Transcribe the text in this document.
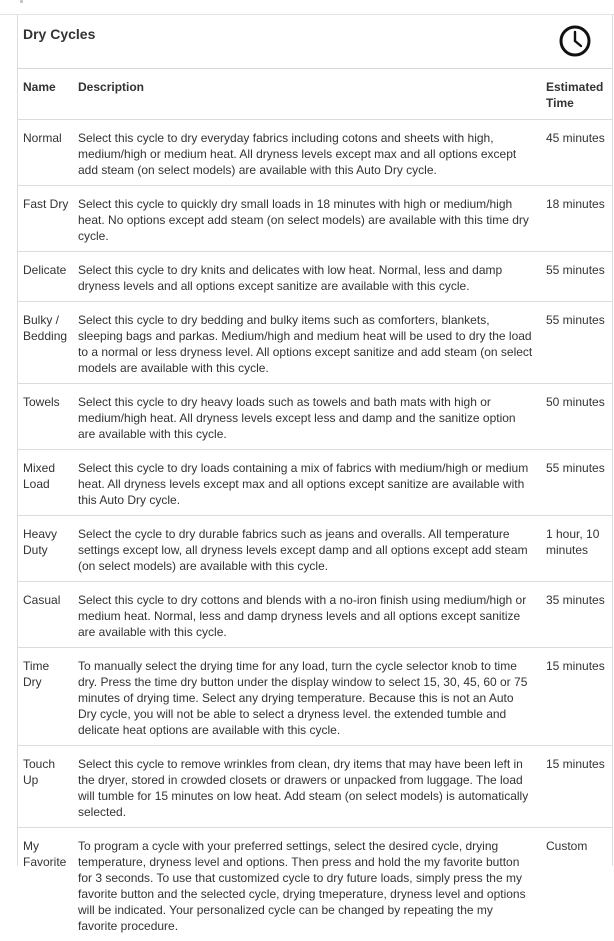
Dry Cycles
Name	Description	Estimated Time
Normal	Select this cycle to dry everyday fabrics including cotons and sheets with high, medium/high or medium heat. All dryness levels except max and all options except add steam (on select models) are available with this Auto Dry cycle.	45 minutes
Fast Dry	Select this cycle to quickly dry small loads in 18 minutes with high or medium/high heat. No options except add steam (on select models) are available with this time dry cycle.	18 minutes
Delicate	Select this cycle to dry knits and delicates with low heat. Normal, less and damp dryness levels and all options except sanitize are available with this cycle.	55 minutes
Bulky / Bedding	Select this cycle to dry bedding and bulky items such as comforters, blankets, sleeping bags and parkas. Medium/high and medium heat will be used to dry the load to a normal or less dryness level. All options except sanitize and add steam (on select models are available with this cycle.	55 minutes
Towels	Select this cycle to dry heavy loads such as towels and bath mats with high or medium/high heat. All dryness levels except less and damp and the sanitize option are available with this cycle.	50 minutes
Mixed Load	Select this cycle to dry loads containing a mix of fabrics with medium/high or medium heat. All dryness levels except max and all options except sanitize are available with this Auto Dry cycle.	55 minutes
Heavy Duty	Select the cycle to dry durable fabrics such as jeans and overalls. All temperature settings except low, all dryness levels except damp and all options except add steam (on select models) are available with this cycle.	1 hour, 10 minutes
Casual	Select this cycle to dry cottons and blends with a no-iron finish using medium/high or medium heat. Normal, less and damp dryness levels and all options except sanitize are available with this cycle.	35 minutes
Time Dry	To manually select the drying time for any load, turn the cycle selector knob to time dry. Press the time dry button under the display window to select 15, 30, 45, 60 or 75 minutes of drying time. Select any drying temperature. Because this is not an Auto Dry cycle, you will not be able to select a dryness level. the extended tumble and delicate heat options are available with this cycle.	15 minutes
Touch Up	Select this cycle to remove wrinkles from clean, dry items that may have been left in the dryer, stored in crowded closets or drawers or unpacked from luggage. The load will tumble for 15 minutes on low heat. Add steam (on select models) is automatically selected.	15 minutes
My Favorite	To program a cycle with your preferred settings, select the desired cycle, drying temperature, dryness level and options. Then press and hold the my favorite button for 3 seconds. To use that customized cycle to dry future loads, simply press the my favorite button and the selected cycle, drying tmeperature, dryness level and options will be indicated. Your personalized cycle can be changed by repeating the my favorite procedure.	Custom
